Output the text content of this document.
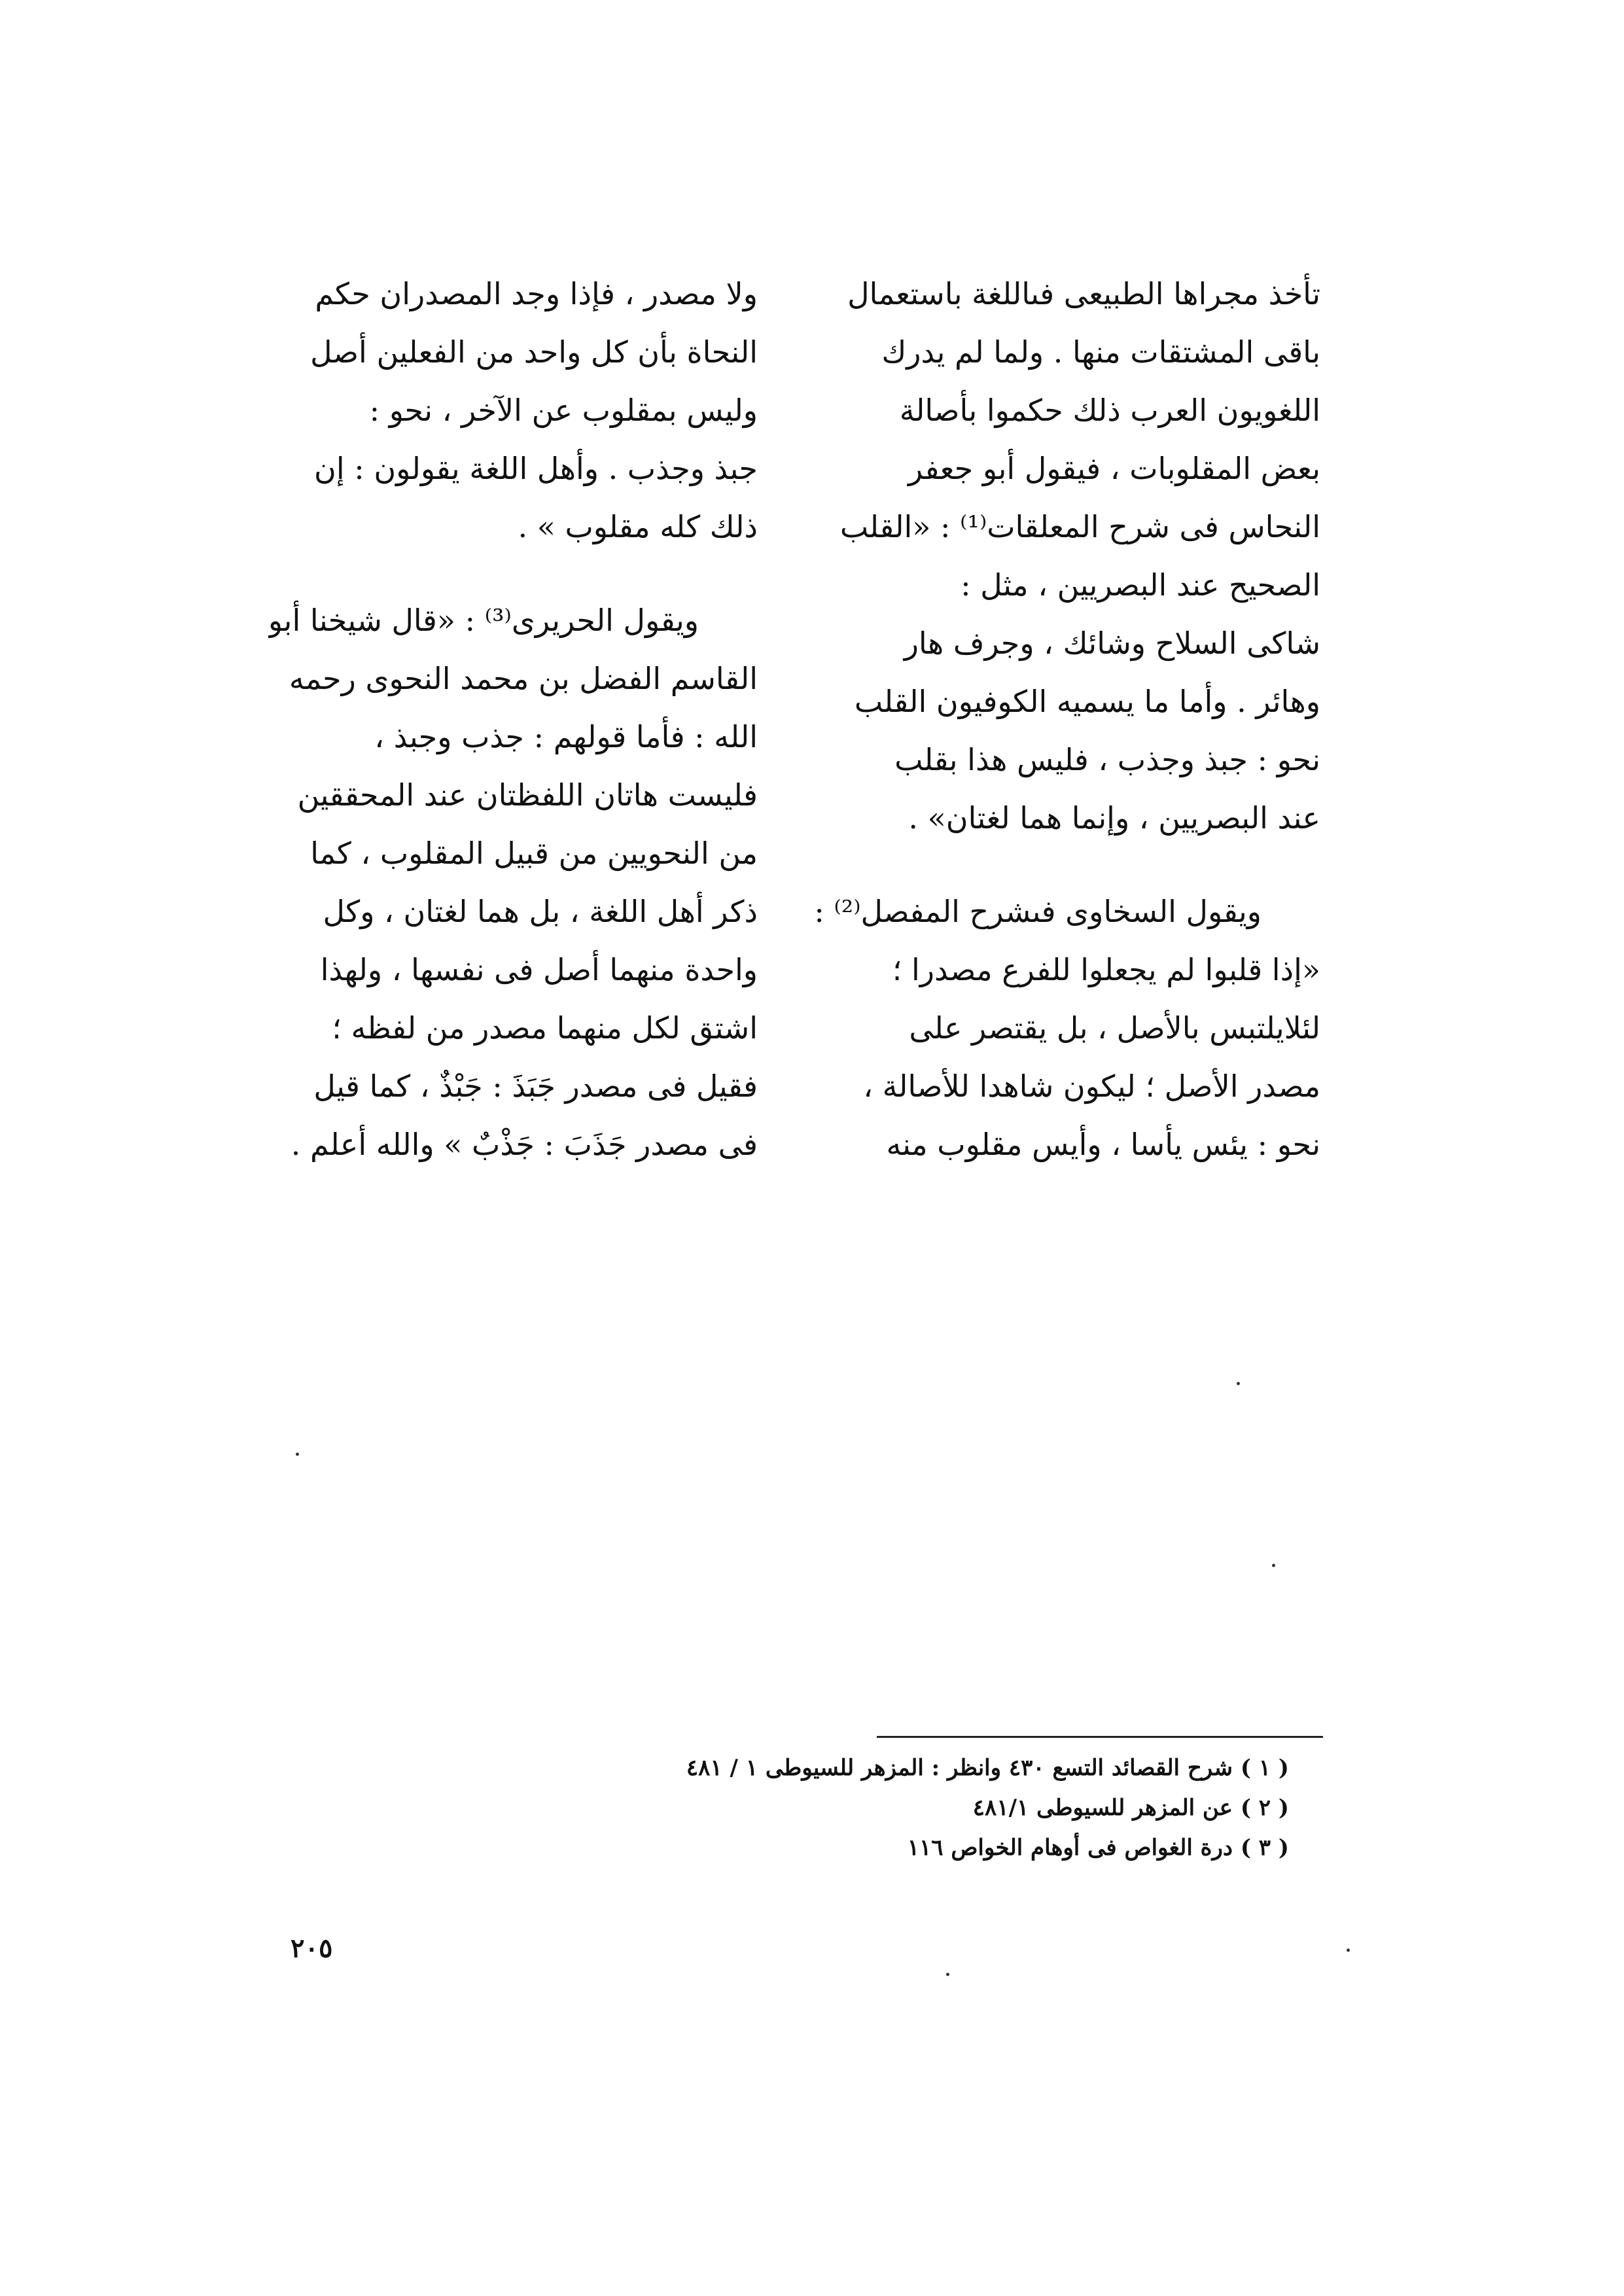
تأخذ مجراها الطبيعى فىاللغة باستعمال
باقى المشتقات منها . ولما لم يدرك
اللغويون العرب ذلك حكموا بأصالة
بعض المقلوبات ، فيقول أبو جعفر
النحاس فى شرح المعلقات⁽¹⁾ : «القلب
الصحيح عند البصريين ، مثل :
شاكى السلاح وشائك ، وجرف هار
وهائر . وأما ما يسميه الكوفيون القلب
نحو : جبذ وجذب ، فليس هذا بقلب
عند البصريين ، وإنما هما لغتان» .
ويقول السخاوى فىشرح المفصل⁽²⁾ :
«إذا قلبوا لم يجعلوا للفرع مصدرا ؛
لئلايلتبس بالأصل ، بل يقتصر على
مصدر الأصل ؛ ليكون شاهدا للأصالة ،
نحو : يئس يأسا ، وأيس مقلوب منه
ولا مصدر ، فإذا وجد المصدران حكم
النحاة بأن كل واحد من الفعلين أصل
وليس بمقلوب عن الآخر ، نحو :
جبذ وجذب . وأهل اللغة يقولون : إن
ذلك كله مقلوب » .
ويقول الحريرى⁽³⁾ : «قال شيخنا أبو
القاسم الفضل بن محمد النحوى رحمه
الله : فأما قولهم : جذب وجبذ ،
فليست هاتان اللفظتان عند المحققين
من النحويين من قبيل المقلوب ، كما
ذكر أهل اللغة ، بل هما لغتان ، وكل
واحدة منهما أصل فى نفسها ، ولهذا
اشتق لكل منهما مصدر من لفظه ؛
فقيل فى مصدر جَبَذَ : جَبْذٌ ، كما قيل
فى مصدر جَذَبَ : جَذْبٌ » والله أعلم .
( ١ ) شرح القصائد التسع ٤٣٠ وانظر : المزهر للسيوطى ١ / ٤٨١
( ٢ ) عن المزهر للسيوطى ٤٨١/١
( ٣ ) درة الغواص فى أوهام الخواص ١١٦
٢٠٥
